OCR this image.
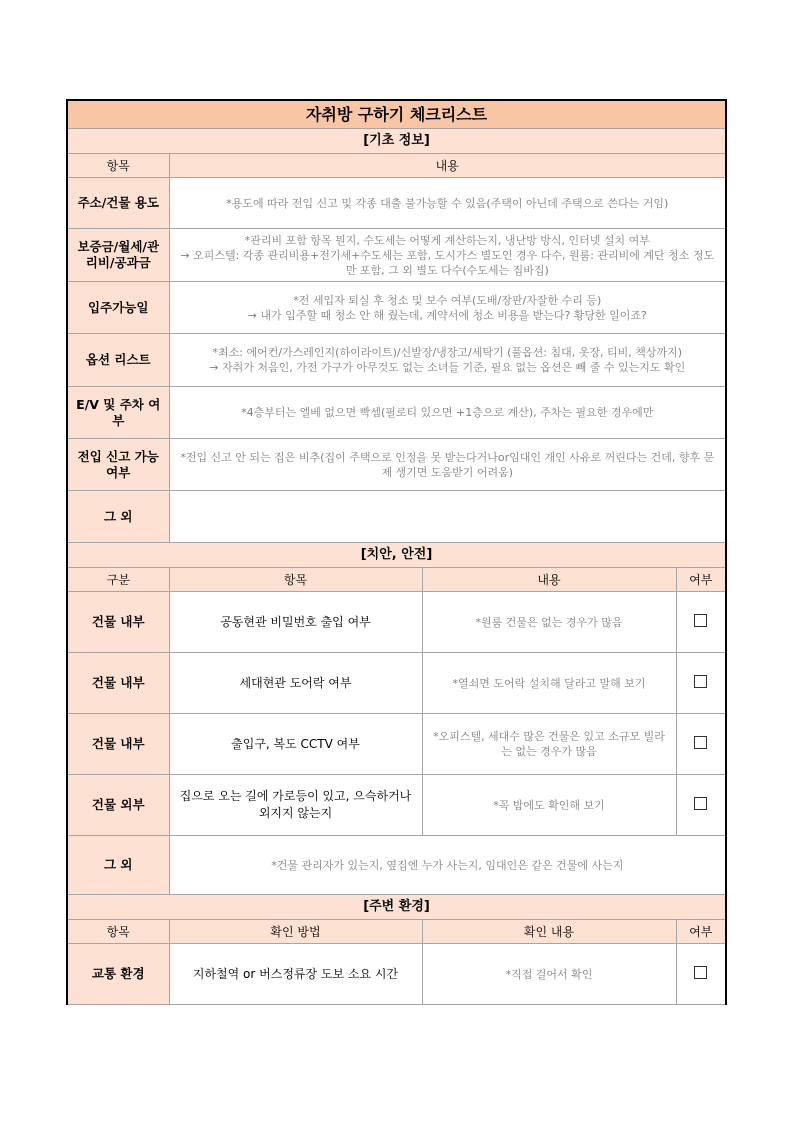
자취방 구하기 체크리스트			
[기초 정보]			
항목	내용		
주소/건물 용도	*용도에 따라 전입 신고 및 각종 대출 불가능할 수 있음(주택이 아닌데 주택으로 쓴다는 거임)		

보증금/월세/관리비/공과금	*관리비 포함 항목 뭔지, 수도세는 어떻게 계산하는지, 냉난방 방식, 인터넷 설치 여부
→ 오피스텔: 각종 관리비용+전기세+수도세는 포함, 도시가스 별도인 경우 다수, 원룸: 관리비에 계단 청소 정도만 포함, 그 외 별도 다수(수도세는 집바집)		

입주가능일	*전 세입자 퇴실 후 청소 및 보수 여부(도배/장판/자잘한 수리 등)
→ 내가 입주할 때 청소 안 해 줬는데, 계약서에 청소 비용을 받는다? 황당한 일이죠?		

옵션 리스트	*최소: 에어컨/가스레인지(하이라이트)/신발장/냉장고/세탁기 (풀옵션: 침대, 옷장, 티비, 책상까지)
→ 자취가 처음인, 가전 가구가 아무것도 없는 소녀들 기준, 필요 없는 옵션은 빼 줄 수 있는지도 확인		

E/V 및 주차 여부	*4층부터는 엘베 없으면 빡셈(필로티 있으면 +1층으로 계산), 주차는 필요한 경우에만		

전입 신고 가능 여부	*전입 신고 안 되는 집은 비추(집이 주택으로 인정을 못 받는다거나or임대인 개인 사유로 꺼린다는 건데, 향후 문제 생기면 도움받기 어려움)		

그 외			

[치안, 안전]			
구분	항목	내용	여부
건물 내부	공동현관 비밀번호 출입 여부	*원룸 건물은 없는 경우가 많음	
건물 내부	세대현관 도어락 여부	*열쇠면 도어락 설치해 달라고 말해 보기	
건물 내부	출입구, 복도 CCTV 여부	*오피스텔, 세대수 많은 건물은 있고 소규모 빌라는 없는 경우가 많음	
건물 외부	집으로 오는 길에 가로등이 있고, 으슥하거나 외지지 않는지	*꼭 밤에도 확인해 보기	
그 외	*건물 관리자가 있는지, 옆집엔 누가 사는지, 임대인은 같은 건물에 사는지		
[주변 환경]			
항목	확인 방법	확인 내용	여부
교통 환경	지하철역 or 버스정류장 도보 소요 시간	*직접 걸어서 확인	
